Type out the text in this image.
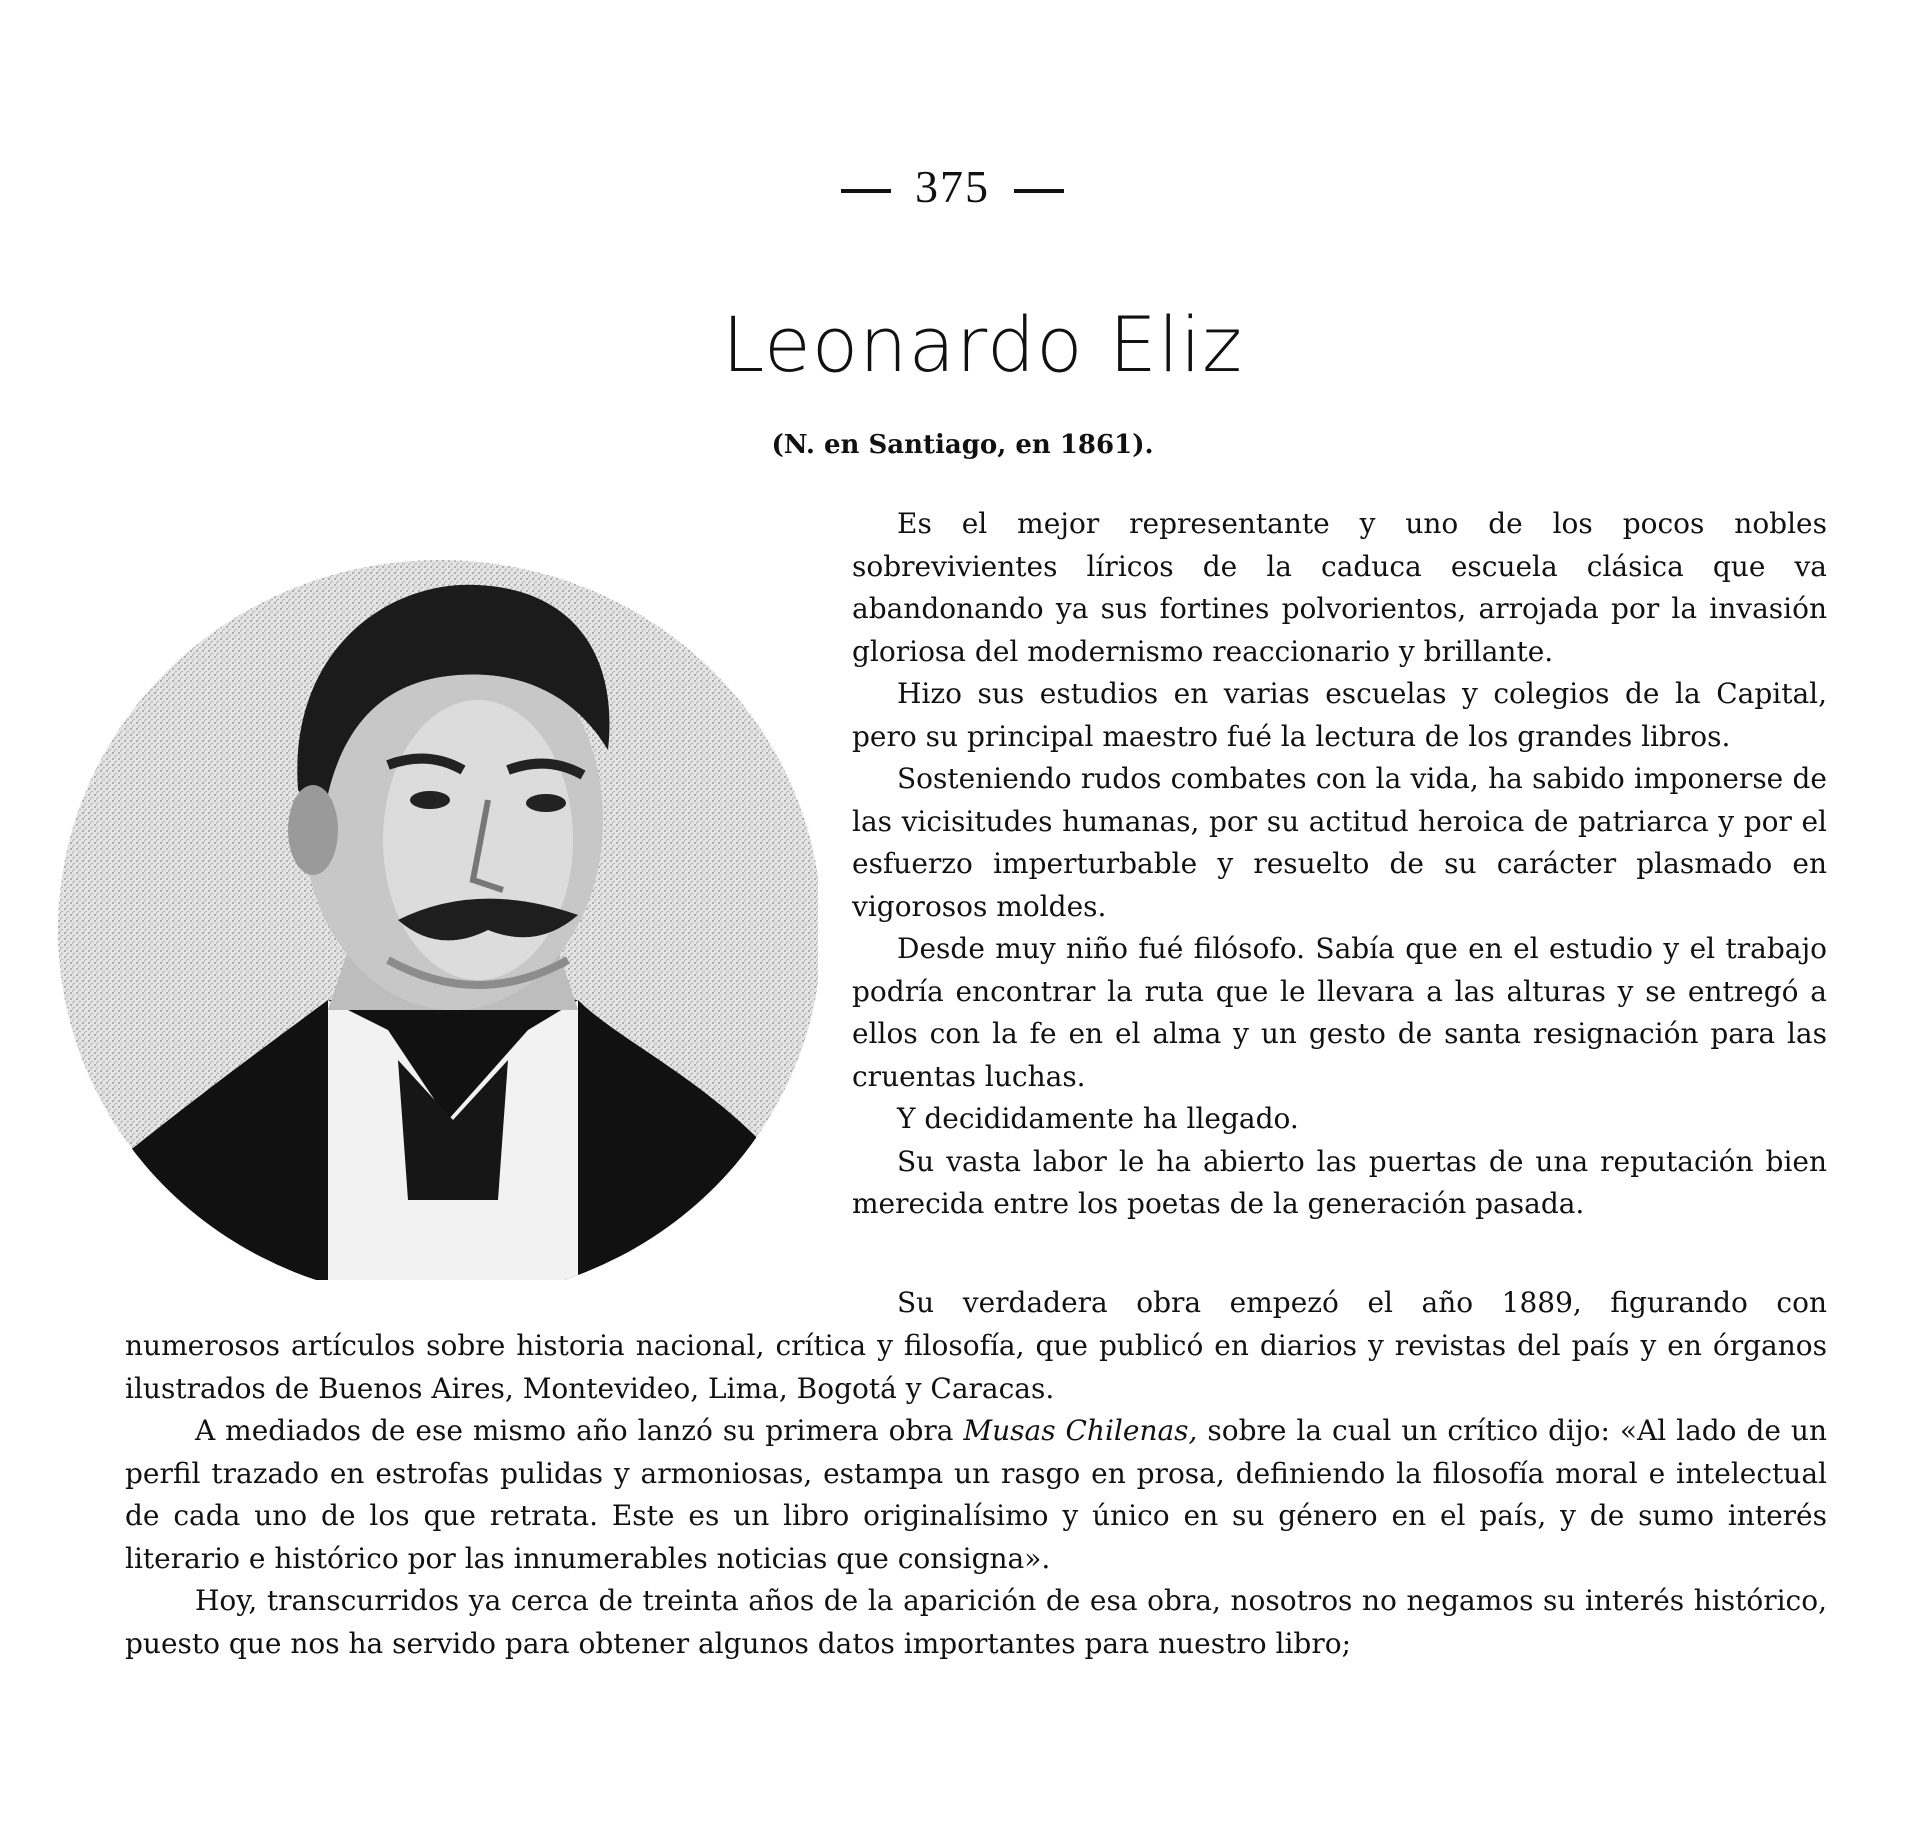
375
Leonardo Eliz
(N. en Santiago, en 1861).

Es el mejor representante y uno de los pocos nobles sobrevivientes líricos de la caduca escuela clásica que va abandonando ya sus fortines polvorientos, arrojada por la invasión gloriosa del modernismo reaccionario y brillante.

Hizo sus estudios en varias escuelas y colegios de la Capital, pero su principal maestro fué la lectura de los grandes libros.

Sosteniendo rudos combates con la vida, ha sabido imponerse de las vicisitudes humanas, por su actitud heroica de patriarca y por el esfuerzo imperturbable y resuelto de su carácter plasmado en vigorosos moldes.

Desde muy niño fué filósofo. Sabía que en el estudio y el trabajo podría encontrar la ruta que le llevara a las alturas y se entregó a ellos con la fe en el alma y un gesto de santa resignación para las cruentas luchas.

Y decididamente ha llegado.

Su vasta labor le ha abierto las puertas de una reputación bien merecida entre los poetas de la generación pasada.

Su verdadera obra empezó el año 1889, figurando con

numerosos artículos sobre historia nacional, crítica y filosofía, que publicó en diarios y revistas del país y en órganos ilustrados de Buenos Aires, Montevideo, Lima, Bogotá y Caracas.

A mediados de ese mismo año lanzó su primera obra Musas Chilenas, sobre la cual un crítico dijo: «Al lado de un perfil trazado en estrofas pulidas y armoniosas, estampa un rasgo en prosa, definiendo la filosofía moral e intelectual de cada uno de los que retrata. Este es un libro originalísimo y único en su género en el país, y de sumo interés literario e histórico por las innumerables noticias que consigna».

Hoy, transcurridos ya cerca de treinta años de la aparición de esa obra, nosotros no negamos su interés histórico, puesto que nos ha servido para obtener algunos datos importantes para nuestro libro;
